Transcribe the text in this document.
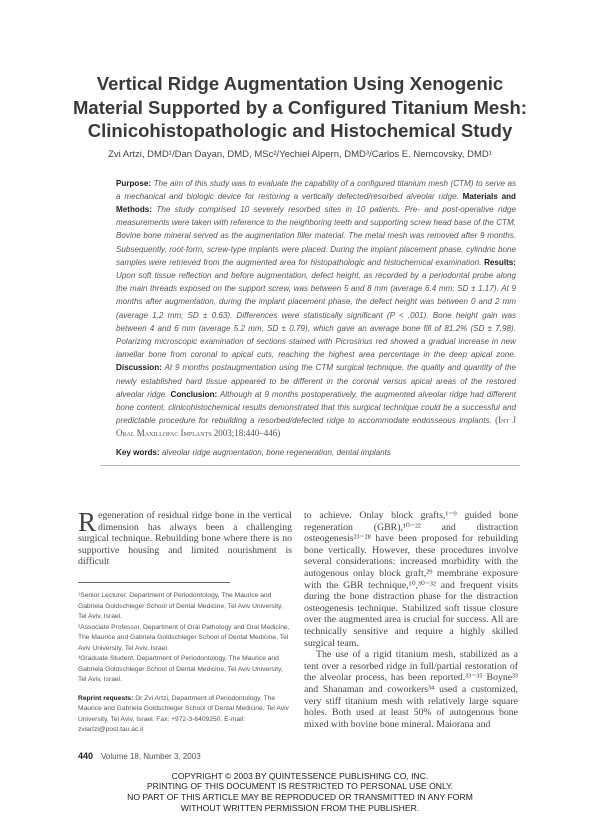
Vertical Ridge Augmentation Using Xenogenic
Material Supported by a Configured Titanium Mesh:
Clinicohistopathologic and Histochemical Study
Zvi Artzi, DMD¹/Dan Dayan, DMD, MSc²/Yechiel Alpern, DMD³/Carlos E. Nemcovsky, DMD¹
Purpose: The aim of this study was to evaluate the capability of a configured titanium mesh (CTM) to serve as a mechanical and biologic device for restoring a vertically defected/resorbed alveolar ridge. Materials and Methods: The study comprised 10 severely resorbed sites in 10 patients. Pre- and post-operative ridge measurements were taken with reference to the neighboring teeth and supporting screw head base of the CTM. Bovine bone mineral served as the augmentation filler material. The metal mesh was removed after 9 months. Subsequently, root-form, screw-type implants were placed. During the implant placement phase, cylindric bone samples were retrieved from the augmented area for histopathologic and histochemical examination. Results: Upon soft tissue reflection and before augmentation, defect height, as recorded by a periodontal probe along the main threads exposed on the support screw, was between 5 and 8 mm (average 6.4 mm; SD ± 1.17). At 9 months after augmentation, during the implant placement phase, the defect height was between 0 and 2 mm (average 1.2 mm; SD ± 0.63). Differences were statistically significant (P < .001). Bone height gain was between 4 and 6 mm (average 5.2 mm, SD ± 0.79), which gave an average bone fill of 81.2% (SD ± 7.98). Polarizing microscopic examination of sections stained with Picrosirius red showed a gradual increase in new lamellar bone from coronal to apical cuts, reaching the highest area percentage in the deep apical zone. Discussion: At 9 months postaugmentation using the CTM surgical technique, the quality and quantity of the newly established hard tissue appeared to be different in the coronal versus apical areas of the restored alveolar ridge. Conclusion: Although at 9 months postoperatively, the augmented alveolar ridge had different bone content, clinicohistochemical results demonstrated that this surgical technique could be a successful and predictable procedure for rebuilding a resorbed/defected ridge to accommodate endosseous implants. (Int J Oral Maxillofac Implants 2003;18:440–446)
Key words: alveolar ridge augmentation, bone regeneration, dental implants
Regeneration of residual ridge bone in the vertical dimension has always been a challenging surgical technique. Rebuilding bone where there is no supportive housing and limited nourishment is difficult

¹Senior Lecturer, Department of Periodontology, The Maurice and Gabriela Goldschleger School of Dental Medicine, Tel Aviv University, Tel Aviv, Israel.

²Associate Professor, Department of Oral Pathology and Oral Medicine, The Maurice and Gabriela Goldschleger School of Dental Medicine, Tel Aviv University, Tel Aviv, Israel.

³Graduate Student, Department of Periodontology, The Maurice and Gabriela Goldschleger School of Dental Medicine, Tel Aviv University, Tel Aviv, Israel.

Reprint requests: Dr Zvi Artzi, Department of Periodontology, The Maurice and Gabriela Goldschleger School of Dental Medicine, Tel Aviv University, Tel Aviv, Israel. Fax: +972-3-6409250. E-mail: zviartzi@post.tau.ac.il

to achieve. Onlay block grafts,¹⁻⁹ guided bone regeneration (GBR),¹⁰⁻²² and distraction osteogenesis²³⁻²⁸ have been proposed for rebuilding bone vertically. However, these procedures involve several considerations: increased morbidity with the autogenous onlay block graft,²⁹ membrane exposure with the GBR technique,¹⁰,³⁰⁻³² and frequent visits during the bone distraction phase for the distraction osteogenesis technique. Stabilized soft tissue closure over the augmented area is crucial for success. All are technically sensitive and require a highly skilled surgical team.

The use of a rigid titanium mesh, stabilized as a tent over a resorbed ridge in full/partial restoration of the alveolar process, has been reported.³³⁻³⁵ Boyne³³ and Shanaman and coworkers³⁴ used a customized, very stiff titanium mesh with relatively large square holes. Both used at least 50% of autogenous bone mixed with bovine bone mineral. Maiorana and

440 Volume 18, Number 3, 2003
COPYRIGHT © 2003 BY QUINTESSENCE PUBLISHING CO, INC.
PRINTING OF THIS DOCUMENT IS RESTRICTED TO PERSONAL USE ONLY.
NO PART OF THIS ARTICLE MAY BE REPRODUCED OR TRANSMITTED IN ANY FORM
WITHOUT WRITTEN PERMISSION FROM THE PUBLISHER.
